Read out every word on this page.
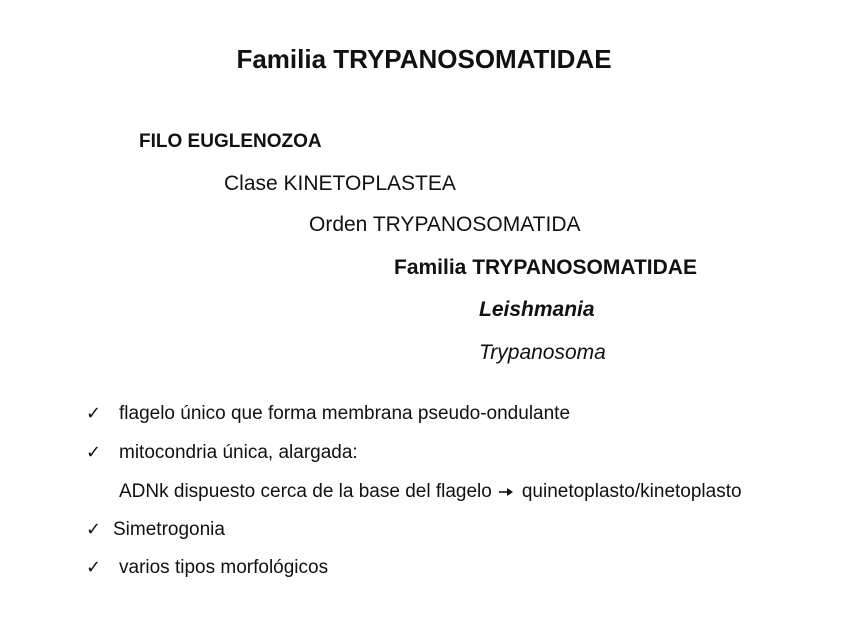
Familia TRYPANOSOMATIDAE
FILO EUGLENOZOA
Clase KINETOPLASTEA
Orden TRYPANOSOMATIDA
Familia TRYPANOSOMATIDAE
Leishmania
Trypanosoma
✓ flagelo único que forma membrana pseudo-ondulante
✓ mitocondria única, alargada:
ADNk dispuesto cerca de la base del flagelo quinetoplasto/kinetoplasto
✓ Simetrogonia
✓ varios tipos morfológicos
